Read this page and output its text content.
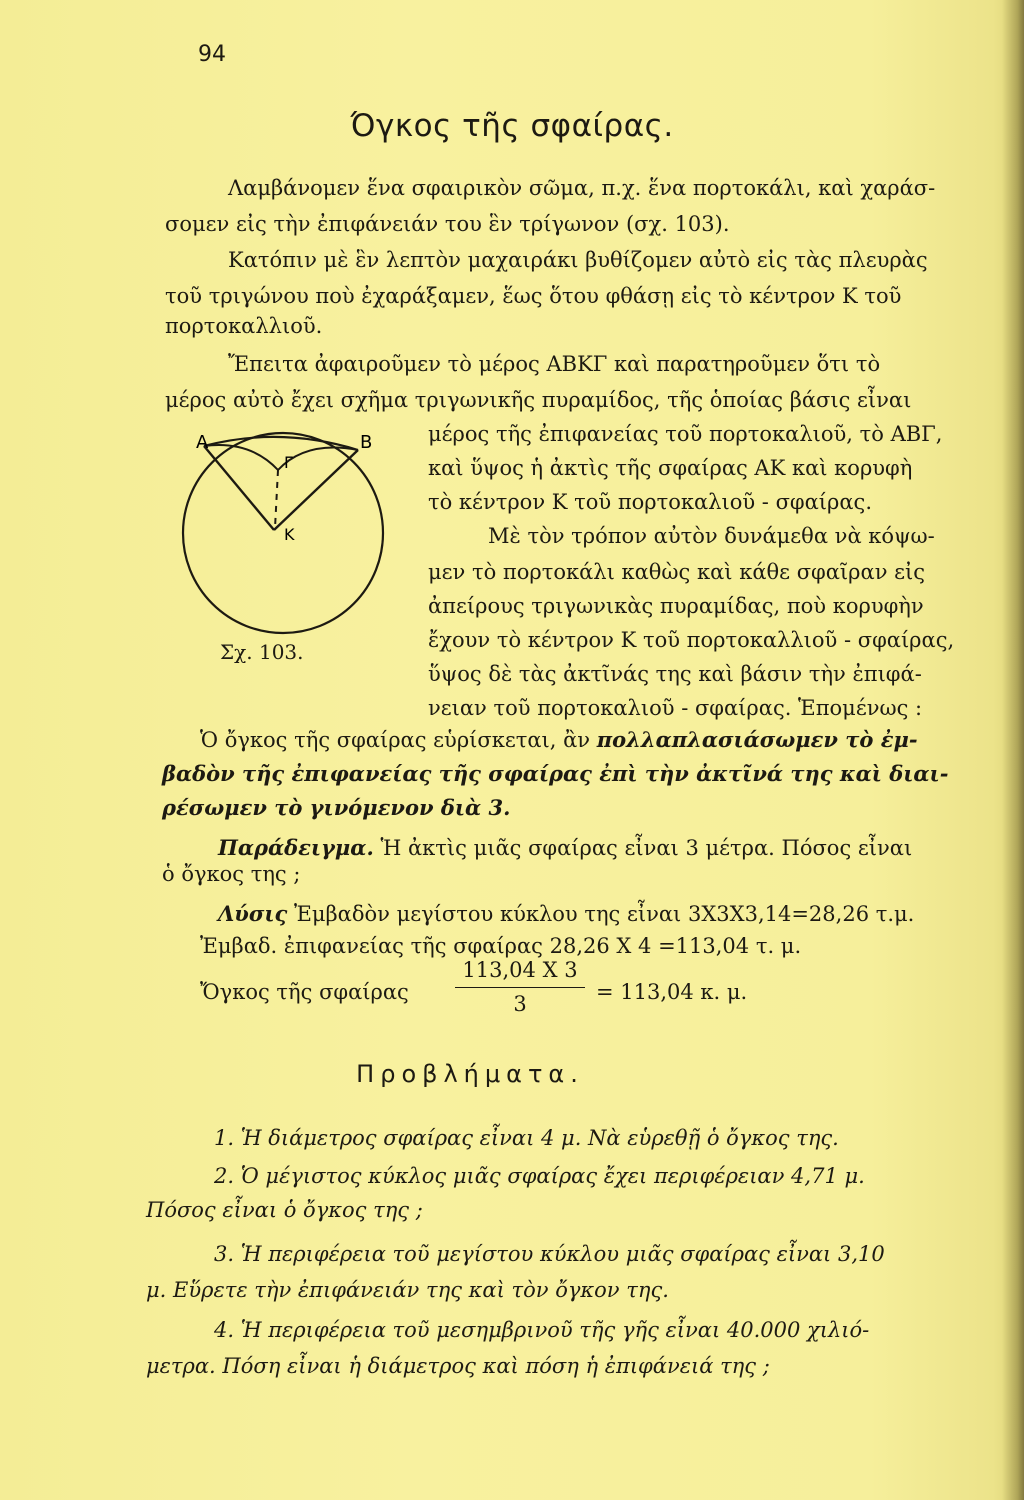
94
Όγκος τῆς σφαίρας.
Λαμβάνομεν ἕνα σφαιρικὸν σῶμα, π.χ. ἕνα πορτοκάλι, καὶ χαράσ-
σομεν εἰς τὴν ἐπιφάνειάν του ἓν τρίγωνον (σχ. 103).
Κατόπιν μὲ ἓν λεπτὸν μαχαιράκι βυθίζομεν αὐτὸ εἰς τὰς πλευρὰς
τοῦ τριγώνου ποὺ ἐχαράξαμεν, ἕως ὅτου φθάσῃ εἰς τὸ κέντρον Κ τοῦ
πορτοκαλλιοῦ.
Ἔπειτα ἀφαιροῦμεν τὸ μέρος ΑΒΚΓ καὶ παρατηροῦμεν ὅτι τὸ
μέρος αὐτὸ ἔχει σχῆμα τριγωνικῆς πυραμίδος, τῆς ὁποίας βάσις εἶναι
Α	Β
Γ
Κ
Σχ. 103.
μέρος τῆς ἐπιφανείας τοῦ πορτοκαλιοῦ, τὸ ΑΒΓ,
καὶ ὕψος ἡ ἀκτὶς τῆς σφαίρας ΑΚ καὶ κορυφὴ
τὸ κέντρον Κ τοῦ πορτοκαλιοῦ - σφαίρας.
Μὲ τὸν τρόπον αὐτὸν δυνάμεθα νὰ κόψω-
μεν τὸ πορτοκάλι καθὼς καὶ κάθε σφαῖραν εἰς
ἀπείρους τριγωνικὰς πυραμίδας, ποὺ κορυφὴν
ἔχουν τὸ κέντρον Κ τοῦ πορτοκαλλιοῦ - σφαίρας,
ὕψος δὲ τὰς ἀκτῖνάς της καὶ βάσιν τὴν ἐπιφά-
νειαν τοῦ πορτοκαλιοῦ - σφαίρας. Ἑπομένως :
Ὁ ὄγκος τῆς σφαίρας εὑρίσκεται, ἂν πολλαπλασιάσωμεν τὸ ἐμ-
βαδὸν τῆς ἐπιφανείας τῆς σφαίρας ἐπὶ τὴν ἀκτῖνά της καὶ διαι-
ρέσωμεν τὸ γινόμενον διὰ 3.
Παράδειγμα. Ἡ ἀκτὶς μιᾶς σφαίρας εἶναι 3 μέτρα. Πόσος εἶναι
ὁ ὄγκος της ;
Λύσις Ἐμβαδὸν μεγίστου κύκλου της εἶναι 3Χ3Χ3,14=28,26 τ.μ.
Ἐμβαδ. ἐπιφανείας τῆς σφαίρας 28,26 Χ 4 =113,04 τ. μ.
Ὄγκος τῆς σφαίρας
113,04 Χ 3
3	= 113,04 κ. μ.
Προβλήματα.
1. Ἡ διάμετρος σφαίρας εἶναι 4 μ. Νὰ εὑρεθῇ ὁ ὄγκος της.
2. Ὁ μέγιστος κύκλος μιᾶς σφαίρας ἔχει περιφέρειαν 4,71 μ.
Πόσος εἶναι ὁ ὄγκος της ;
3. Ἡ περιφέρεια τοῦ μεγίστου κύκλου μιᾶς σφαίρας εἶναι 3,10
μ. Εὕρετε τὴν ἐπιφάνειάν της καὶ τὸν ὄγκον της.
4. Ἡ περιφέρεια τοῦ μεσημβρινοῦ τῆς γῆς εἶναι 40.000 χιλιό-
μετρα. Πόση εἶναι ἡ διάμετρος καὶ πόση ἡ ἐπιφάνειά της ;
